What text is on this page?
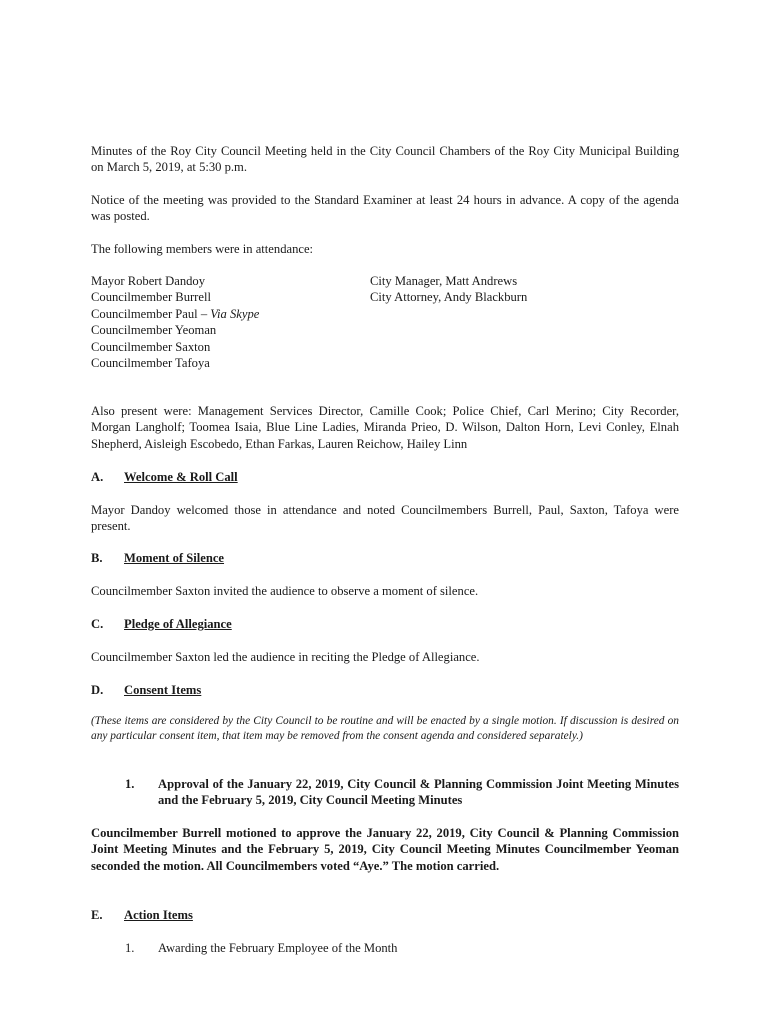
Minutes of the Roy City Council Meeting held in the City Council Chambers of the Roy City Municipal Building on March 5, 2019, at 5:30 p.m.

Notice of the meeting was provided to the Standard Examiner at least 24 hours in advance. A copy of the agenda was posted.

The following members were in attendance:

Mayor Robert Dandoy
Councilmember Burrell
Councilmember Paul – Via Skype
Councilmember Yeoman
Councilmember Saxton
Councilmember Tafoya
City Manager, Matt Andrews
City Attorney, Andy Blackburn

Also present were: Management Services Director, Camille Cook; Police Chief, Carl Merino; City Recorder, Morgan Langholf; Toomea Isaia, Blue Line Ladies, Miranda Prieo, D. Wilson, Dalton Horn, Levi Conley, Elnah Shepherd, Aisleigh Escobedo, Ethan Farkas, Lauren Reichow, Hailey Linn

A. Welcome & Roll Call

Mayor Dandoy welcomed those in attendance and noted Councilmembers Burrell, Paul, Saxton, Tafoya were present.

B. Moment of Silence

Councilmember Saxton invited the audience to observe a moment of silence.

C. Pledge of Allegiance

Councilmember Saxton led the audience in reciting the Pledge of Allegiance.

D. Consent Items

(These items are considered by the City Council to be routine and will be enacted by a single motion. If discussion is desired on any particular consent item, that item may be removed from the consent agenda and considered separately.)

1. Approval of the January 22, 2019, City Council & Planning Commission Joint Meeting Minutes and the February 5, 2019, City Council Meeting Minutes

Councilmember Burrell motioned to approve the January 22, 2019, City Council & Planning Commission Joint Meeting Minutes and the February 5, 2019, City Council Meeting Minutes Councilmember Yeoman seconded the motion. All Councilmembers voted “Aye.” The motion carried.

E. Action Items
1. Awarding the February Employee of the Month
